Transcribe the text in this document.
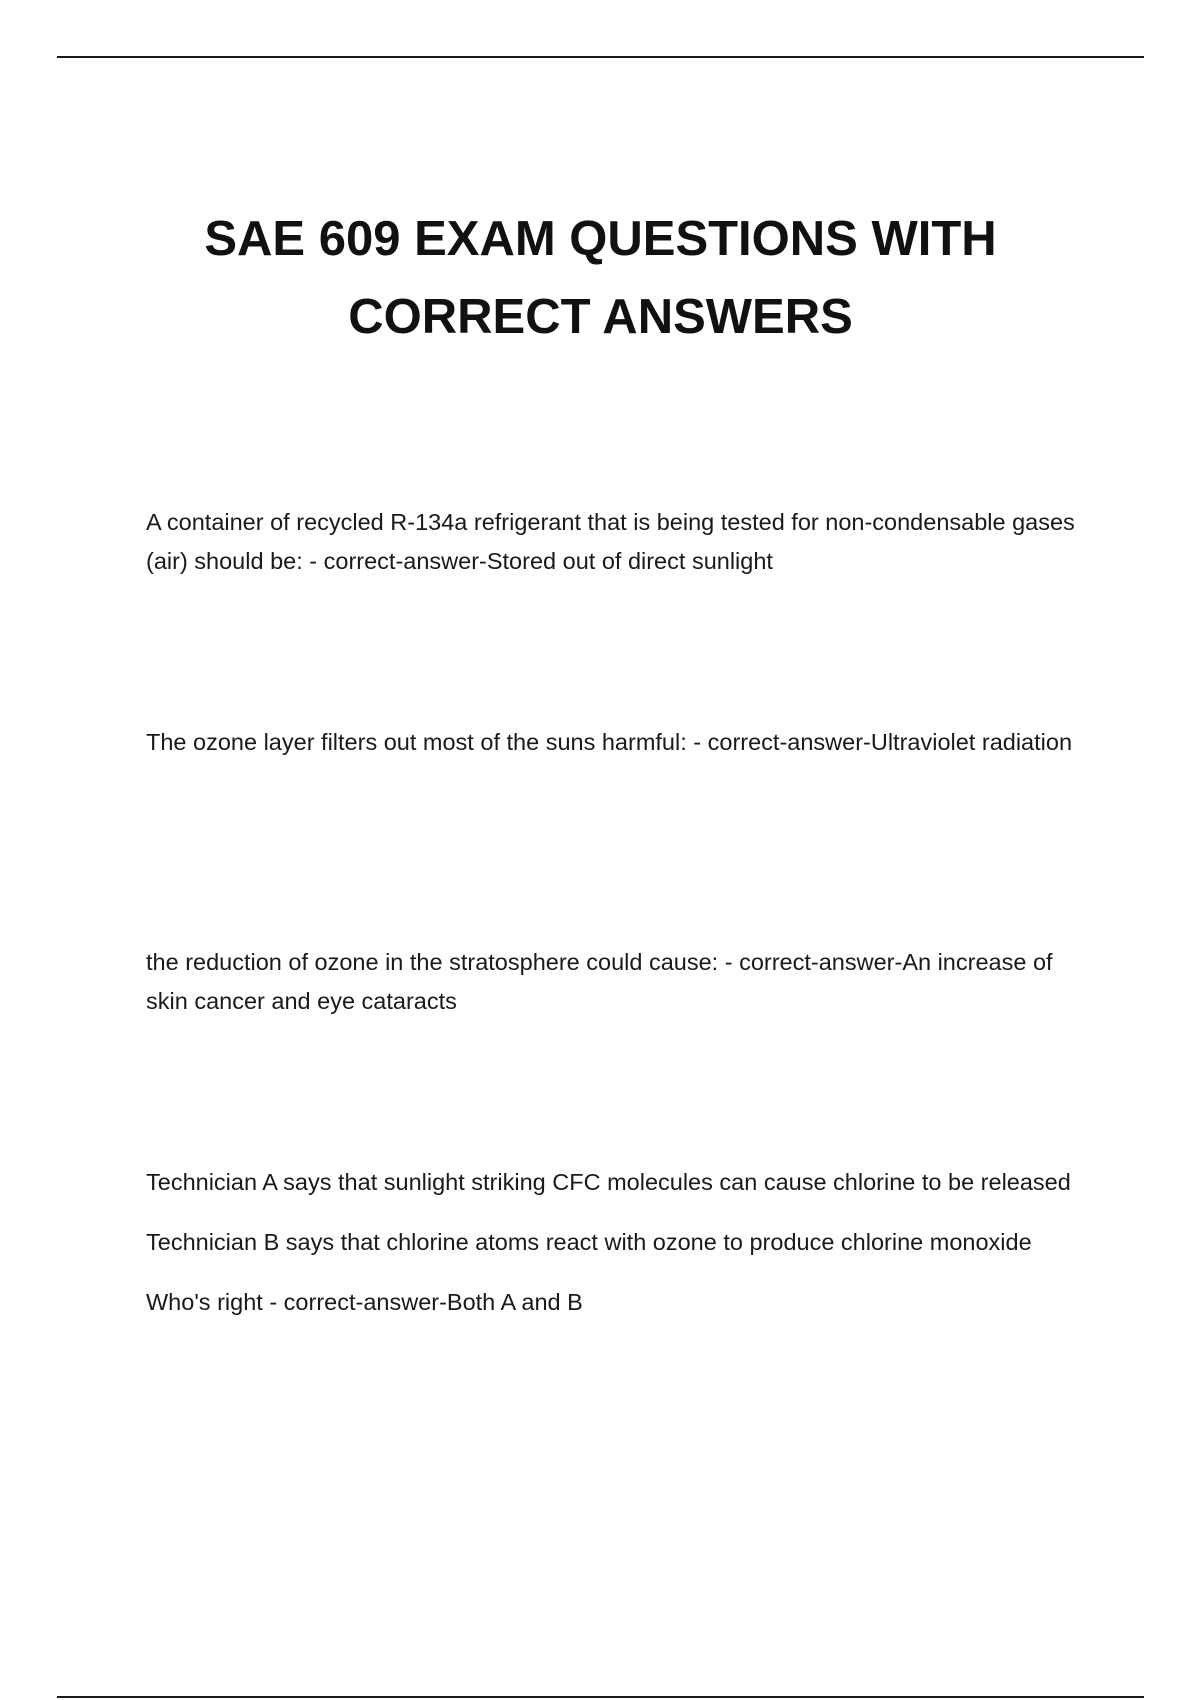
SAE 609 EXAM QUESTIONS WITH
CORRECT ANSWERS

A container of recycled R-134a refrigerant that is being tested for non-condensable gases (air) should be: - correct-answer-Stored out of direct sunlight

The ozone layer filters out most of the suns harmful: - correct-answer-Ultraviolet radiation

the reduction of ozone in the stratosphere could cause: - correct-answer-An increase of skin cancer and eye cataracts

Technician A says that sunlight striking CFC molecules can cause chlorine to be released

Technician B says that chlorine atoms react with ozone to produce chlorine monoxide

Who's right - correct-answer-Both A and B
